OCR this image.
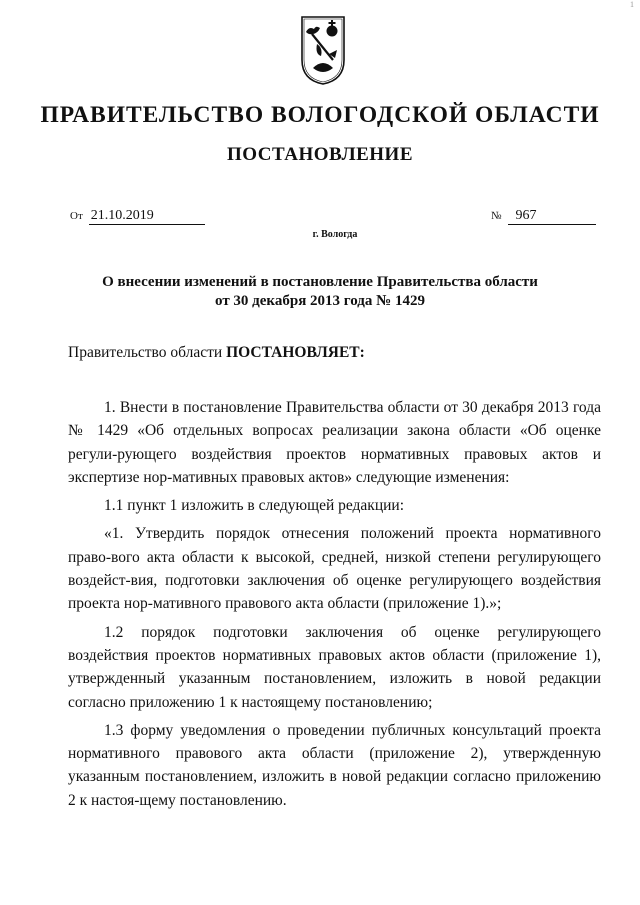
1
ПРАВИТЕЛЬСТВО ВОЛОГОДСКОЙ ОБЛАСТИ
ПОСТАНОВЛЕНИЕ
От 21.10.2019	№ 967
г. Вологда
О внесении изменений в постановление Правительства области
от 30 декабря 2013 года № 1429
Правительство области ПОСТАНОВЛЯЕТ:

1. Внести в постановление Правительства области от 30 декабря 2013 года № 1429 «Об отдельных вопросах реализации закона области «Об оценке регули-рующего воздействия проектов нормативных правовых актов и экспертизе нор-мативных правовых актов» следующие изменения:

1.1 пункт 1 изложить в следующей редакции:

«1. Утвердить порядок отнесения положений проекта нормативного право-вого акта области к высокой, средней, низкой степени регулирующего воздейст-вия, подготовки заключения об оценке регулирующего воздействия проекта нор-мативного правового акта области (приложение 1).»;

1.2 порядок подготовки заключения об оценке регулирующего воздействия проектов нормативных правовых актов области (приложение 1), утвержденный указанным постановлением, изложить в новой редакции согласно приложению 1 к настоящему постановлению;

1.3 форму уведомления о проведении публичных консультаций проекта нормативного правового акта области (приложение 2), утвержденную указанным постановлением, изложить в новой редакции согласно приложению 2 к настоя-щему постановлению.
